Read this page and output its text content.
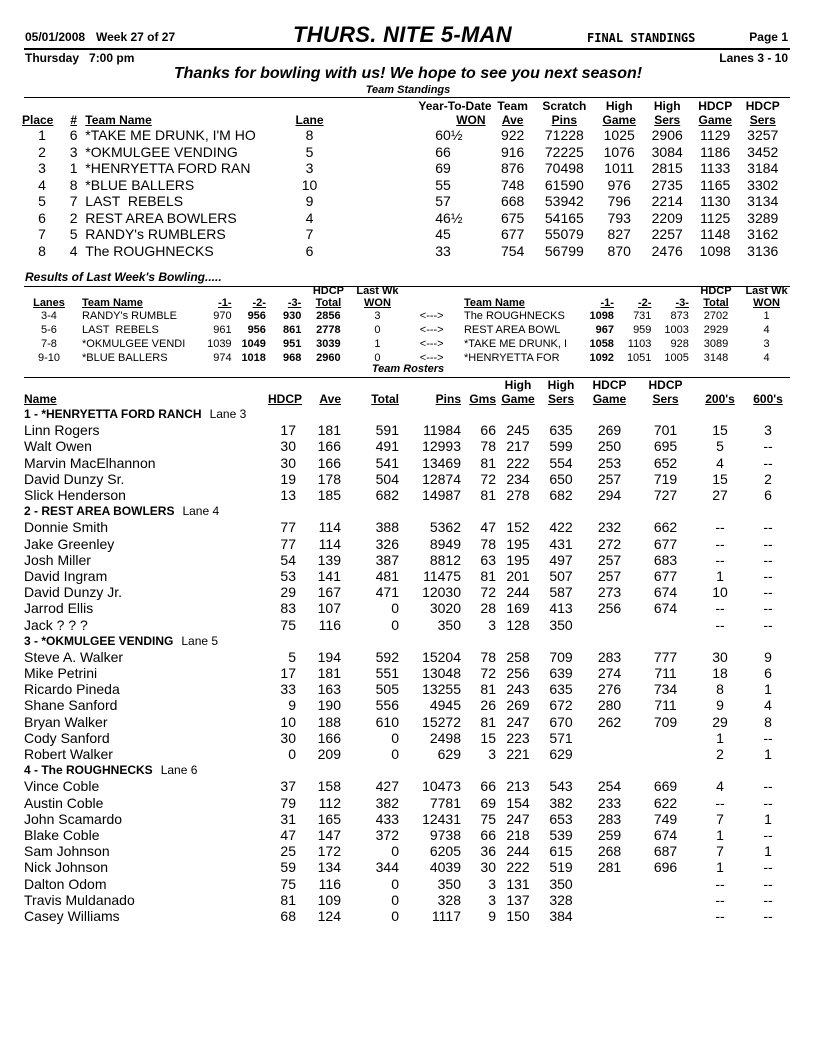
05/01/2008 Week 27 of 27	THURS. NITE 5-MAN	FINAL STANDINGS	Page 1
Thursday   7:00 pm	Lanes 3 - 10
Thanks for bowling with us! We hope to see you next season!
Team Standings
				Year-To-Date	Team	Scratch	High	High	HDCP	HDCP
Place	#	Team Name	Lane	WON	Ave	Pins	Game	Sers	Game	Sers
1	6	*TAKE ME DRUNK, I'M HO	8	60½	922	71228	1025	2906	1129	3257
2	3	*OKMULGEE VENDING	5	66	916	72225	1076	3084	1186	3452
3	1	*HENRYETTA FORD RAN	3	69	876	70498	1011	2815	1133	3184
4	8	*BLUE BALLERS	10	55	748	61590	976	2735	1165	3302
5	7	LAST  REBELS	9	57	668	53942	796	2214	1130	3134
6	2	REST AREA BOWLERS	4	46½	675	54165	793	2209	1125	3289
7	5	RANDY's RUMBLERS	7	45	677	55079	827	2257	1148	3162
8	4	The ROUGHNECKS	6	33	754	56799	870	2476	1098	3136
Results of Last Week's Bowling.....
					HDCP	Last Wk						HDCP	Last Wk
Lanes	Team Name	-1-	-2-	-3-	Total	WON		Team Name	-1-	-2-	-3-	Total	WON
3-4	RANDY's RUMBLE	970	956	930	2856	3	<--->	The ROUGHNECKS	1098	731	873	2702	1
5-6	LAST  REBELS	961	956	861	2778	0	<--->	REST AREA BOWL	967	959	1003	2929	4
7-8	*OKMULGEE VENDI	1039	1049	951	3039	1	<--->	*TAKE ME DRUNK, I	1058	1103	928	3089	3
9-10	*BLUE BALLERS	974	1018	968	2960	0	<--->	*HENRYETTA FOR	1092	1051	1005	3148	4
Team Rosters
						High	High	HDCP	HDCP		
Name	HDCP	Ave	Total	Pins	Gms	Game	Sers	Game	Sers	200's	600's
1 - *HENRYETTA FORD RANCH Lane 3											
Linn Rogers	17	181	591	11984	66	245	635	269	701	15	3
Walt Owen	30	166	491	12993	78	217	599	250	695	5	--
Marvin MacElhannon	30	166	541	13469	81	222	554	253	652	4	--
David Dunzy Sr.	19	178	504	12874	72	234	650	257	719	15	2
Slick Henderson	13	185	682	14987	81	278	682	294	727	27	6
2 - REST AREA BOWLERS Lane 4											
Donnie Smith	77	114	388	5362	47	152	422	232	662	--	--
Jake Greenley	77	114	326	8949	78	195	431	272	677	--	--
Josh Miller	54	139	387	8812	63	195	497	257	683	--	--
David Ingram	53	141	481	11475	81	201	507	257	677	1	--
David Dunzy Jr.	29	167	471	12030	72	244	587	273	674	10	--
Jarrod Ellis	83	107	0	3020	28	169	413	256	674	--	--
Jack ? ? ?	75	116	0	350	3	128	350			--	--
3 - *OKMULGEE VENDING Lane 5											
Steve A. Walker	5	194	592	15204	78	258	709	283	777	30	9
Mike Petrini	17	181	551	13048	72	256	639	274	711	18	6
Ricardo Pineda	33	163	505	13255	81	243	635	276	734	8	1
Shane Sanford	9	190	556	4945	26	269	672	280	711	9	4
Bryan Walker	10	188	610	15272	81	247	670	262	709	29	8
Cody Sanford	30	166	0	2498	15	223	571			1	--
Robert Walker	0	209	0	629	3	221	629			2	1
4 - The ROUGHNECKS Lane 6											
Vince Coble	37	158	427	10473	66	213	543	254	669	4	--
Austin Coble	79	112	382	7781	69	154	382	233	622	--	--
John Scamardo	31	165	433	12431	75	247	653	283	749	7	1
Blake Coble	47	147	372	9738	66	218	539	259	674	1	--
Sam Johnson	25	172	0	6205	36	244	615	268	687	7	1
Nick Johnson	59	134	344	4039	30	222	519	281	696	1	--
Dalton Odom	75	116	0	350	3	131	350			--	--
Travis Muldanado	81	109	0	328	3	137	328			--	--
Casey Williams	68	124	0	1117	9	150	384			--	--
